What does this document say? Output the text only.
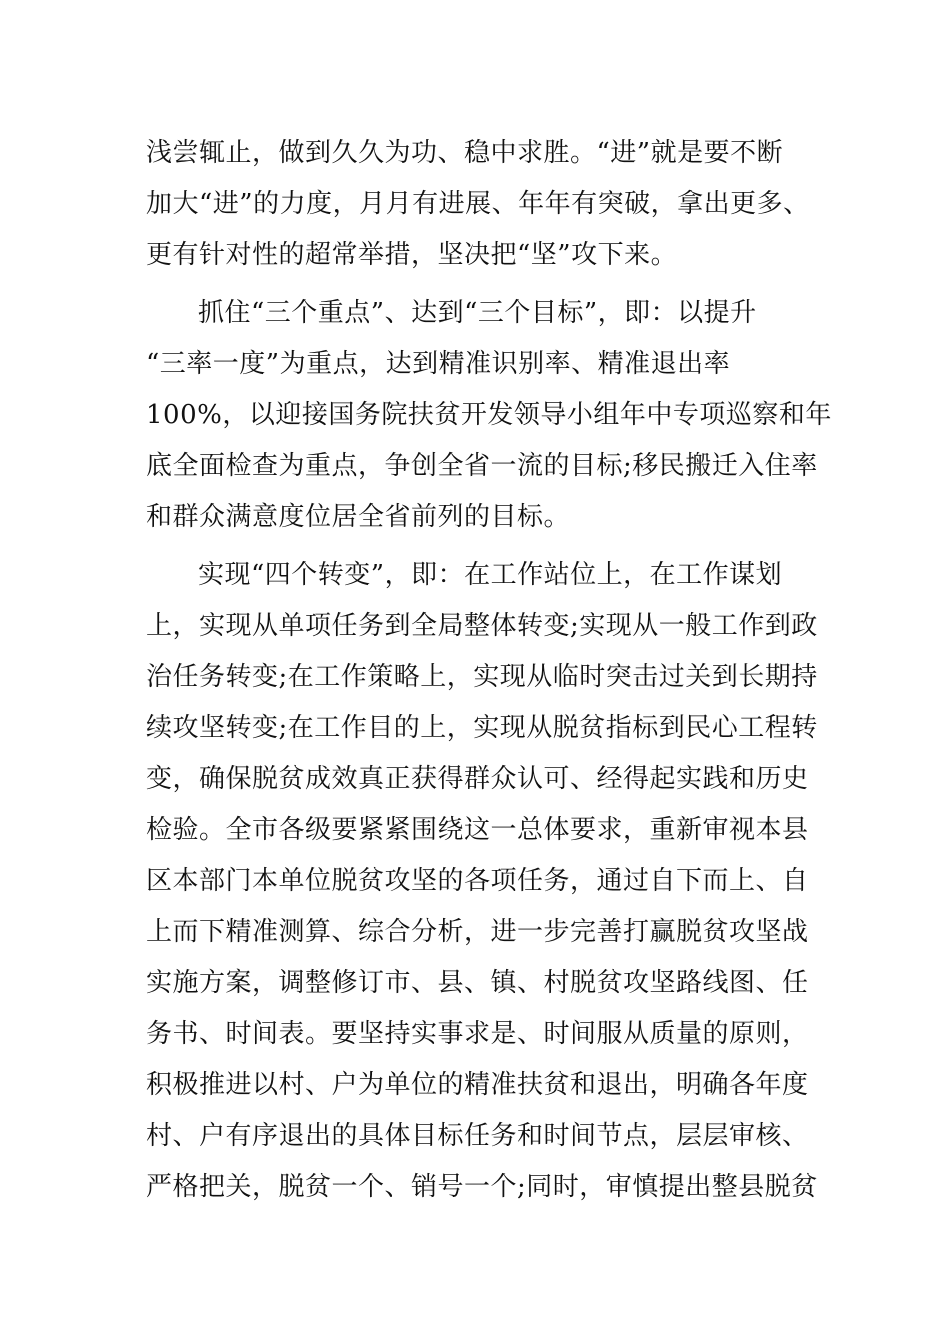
浅尝辄止，做到久久为功、稳中求胜。“进”就是要不断
加大“进”的力度，月月有进展、年年有突破，拿出更多、
更有针对性的超常举措，坚决把“坚”攻下来。
抓住“三个重点”、达到“三个目标”，即：以提升
“三率一度”为重点，达到精准识别率、精准退出率
100%，以迎接国务院扶贫开发领导小组年中专项巡察和年
底全面检查为重点，争创全省一流的目标;移民搬迁入住率
和群众满意度位居全省前列的目标。
实现“四个转变”，即：在工作站位上，在工作谋划
上，实现从单项任务到全局整体转变;实现从一般工作到政
治任务转变;在工作策略上，实现从临时突击过关到长期持
续攻坚转变;在工作目的上，实现从脱贫指标到民心工程转
变，确保脱贫成效真正获得群众认可、经得起实践和历史
检验。全市各级要紧紧围绕这一总体要求，重新审视本县
区本部门本单位脱贫攻坚的各项任务，通过自下而上、自
上而下精准测算、综合分析，进一步完善打赢脱贫攻坚战
实施方案，调整修订市、县、镇、村脱贫攻坚路线图、任
务书、时间表。要坚持实事求是、时间服从质量的原则，
积极推进以村、户为单位的精准扶贫和退出，明确各年度
村、户有序退出的具体目标任务和时间节点，层层审核、
严格把关，脱贫一个、销号一个;同时，审慎提出整县脱贫
